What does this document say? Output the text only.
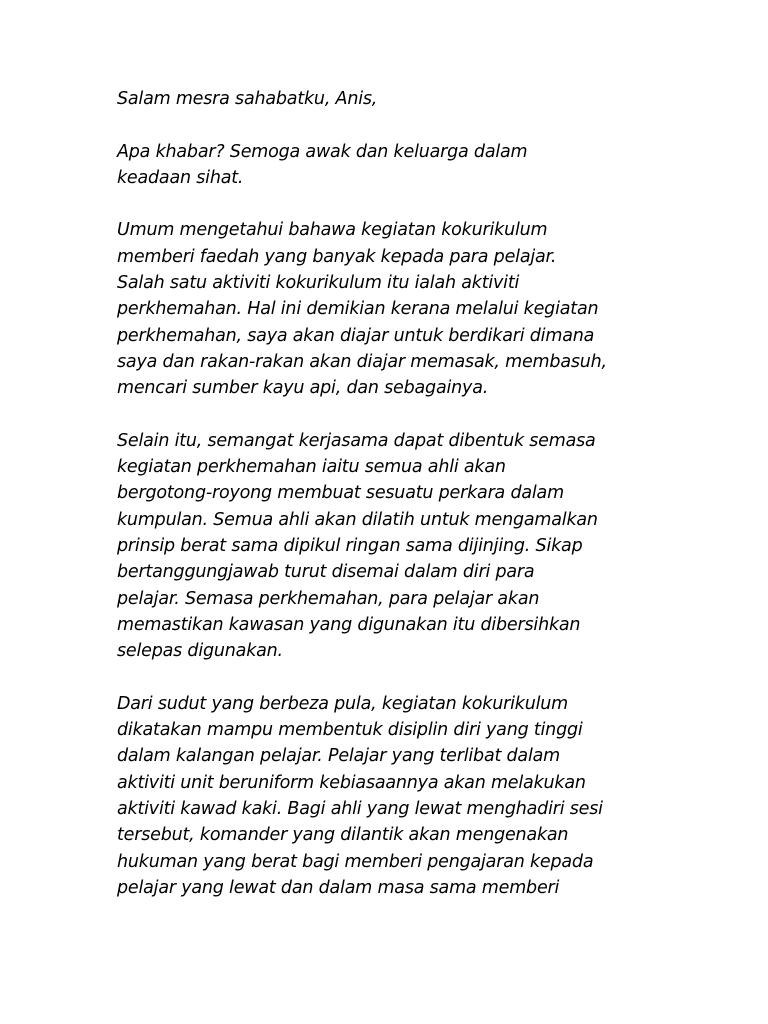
Salam mesra sahabatku, Anis,
Apa khabar? Semoga awak dan keluarga dalam
keadaan sihat.
Umum mengetahui bahawa kegiatan kokurikulum
memberi faedah yang banyak kepada para pelajar.
Salah satu aktiviti kokurikulum itu ialah aktiviti
perkhemahan. Hal ini demikian kerana melalui kegiatan
perkhemahan, saya akan diajar untuk berdikari dimana
saya dan rakan-rakan akan diajar memasak, membasuh,
mencari sumber kayu api, dan sebagainya.
Selain itu, semangat kerjasama dapat dibentuk semasa
kegiatan perkhemahan iaitu semua ahli akan
bergotong-royong membuat sesuatu perkara dalam
kumpulan. Semua ahli akan dilatih untuk mengamalkan
prinsip berat sama dipikul ringan sama dijinjing. Sikap
bertanggungjawab turut disemai dalam diri para
pelajar. Semasa perkhemahan, para pelajar akan
memastikan kawasan yang digunakan itu dibersihkan
selepas digunakan.
Dari sudut yang berbeza pula, kegiatan kokurikulum
dikatakan mampu membentuk disiplin diri yang tinggi
dalam kalangan pelajar. Pelajar yang terlibat dalam
aktiviti unit beruniform kebiasaannya akan melakukan
aktiviti kawad kaki. Bagi ahli yang lewat menghadiri sesi
tersebut, komander yang dilantik akan mengenakan
hukuman yang berat bagi memberi pengajaran kepada
pelajar yang lewat dan dalam masa sama memberi
